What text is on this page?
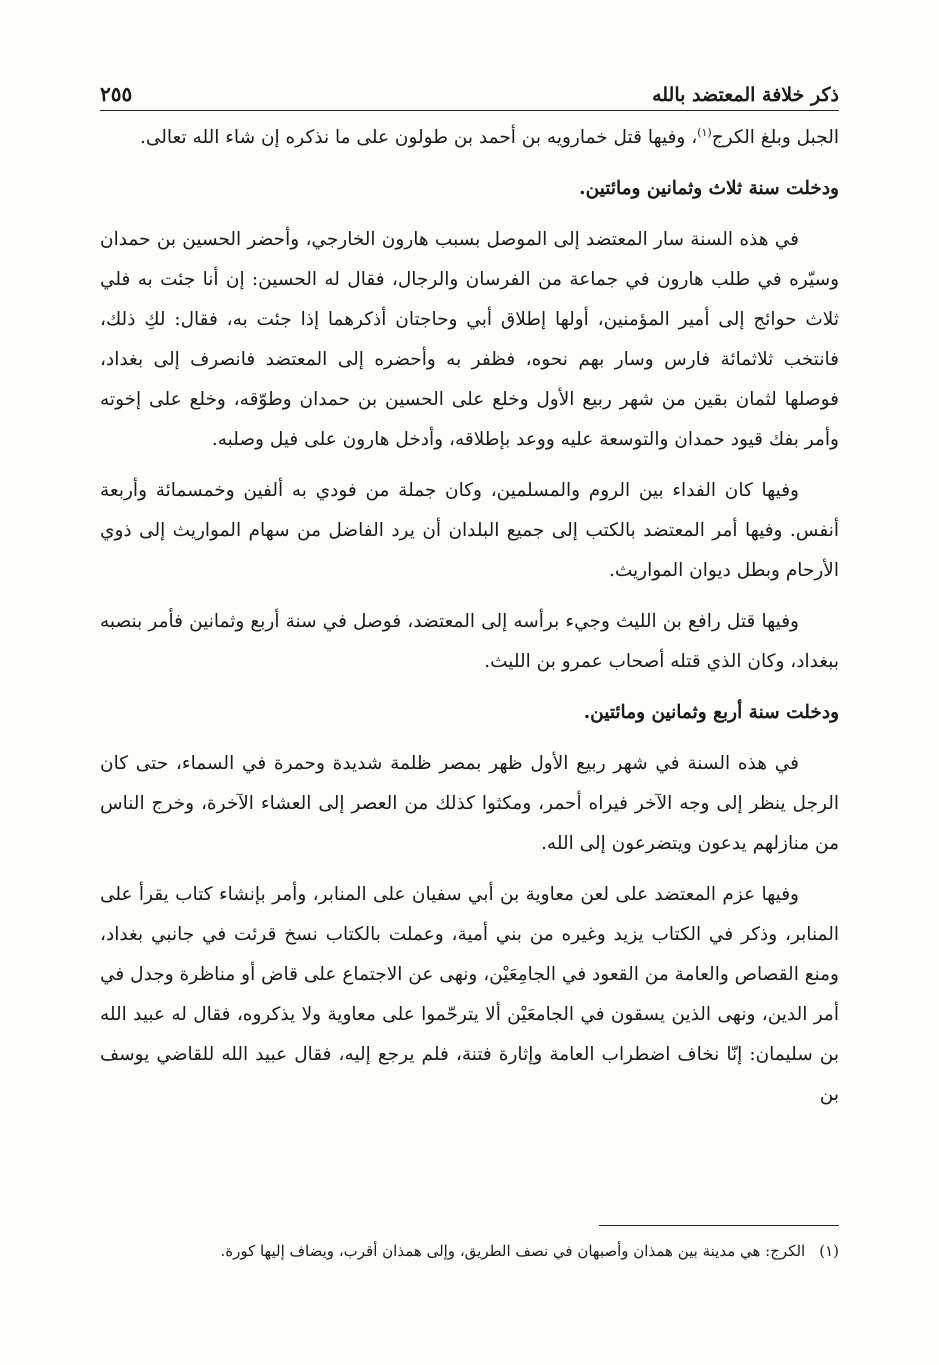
ذكر خلافة المعتضد بالله
٢٥٥

الجبل وبلغ الكرج$^{(١)}$، وفيها قتل خمارويه بن أحمد بن طولون على ما نذكره إن شاء الله تعالى.

ودخلت سنة ثلاث وثمانين ومائتين.

في هذه السنة سار المعتضد إلى الموصل بسبب هارون الخارجي، وأحضر الحسين بن حمدان وسيّره في طلب هارون في جماعة من الفرسان والرجال، فقال له الحسين: إن أنا جئت به فلي ثلاث حوائج إلى أمير المؤمنين، أولها إطلاق أبي وحاجتان أذكرهما إذا جئت به، فقال: لكِ ذلك، فانتخب ثلاثمائة فارس وسار بهم نحوه، فظفر به وأحضره إلى المعتضد فانصرف إلى بغداد، فوصلها لثمان بقين من شهر ربيع الأول وخلع على الحسين بن حمدان وطوّقه، وخلع على إخوته وأمر بفك قيود حمدان والتوسعة عليه ووعد بإطلاقه، وأدخل هارون على فيل وصلبه.

وفيها كان الفداء بين الروم والمسلمين، وكان جملة من فودي به ألفين وخمسمائة وأربعة أنفس. وفيها أمر المعتضد بالكتب إلى جميع البلدان أن يرد الفاضل من سهام المواريث إلى ذوي الأرحام وبطل ديوان المواريث.

وفيها قتل رافع بن الليث وجيء برأسه إلى المعتضد، فوصل في سنة أربع وثمانين فأمر بنصبه ببغداد، وكان الذي قتله أصحاب عمرو بن الليث.

ودخلت سنة أربع وثمانين ومائتين.

في هذه السنة في شهر ربيع الأول ظهر بمصر ظلمة شديدة وحمرة في السماء، حتى كان الرجل ينظر إلى وجه الآخر فيراه أحمر، ومكثوا كذلك من العصر إلى العشاء الآخرة، وخرج الناس من منازلهم يدعون ويتضرعون إلى الله.

وفيها عزم المعتضد على لعن معاوية بن أبي سفيان على المنابر، وأمر بإنشاء كتاب يقرأ على المنابر، وذكر في الكتاب يزيد وغيره من بني أمية، وعملت بالكتاب نسخ قرئت في جانبي بغداد، ومنع القصاص والعامة من القعود في الجامِعَيْن، ونهى عن الاجتماع على قاض أو مناظرة وجدل في أمر الدين، ونهى الذين يسقون في الجامعَيْن ألا يترحّموا على معاوية ولا يذكروه، فقال له عبيد الله بن سليمان: إنّا نخاف اضطراب العامة وإثارة فتنة، فلم يرجع إليه، فقال عبيد الله للقاضي يوسف بن

(١)الكرج: هي مدينة بين همذان وأصبهان في نصف الطريق، وإلى همذان أقرب، ويضاف إليها كورة.
